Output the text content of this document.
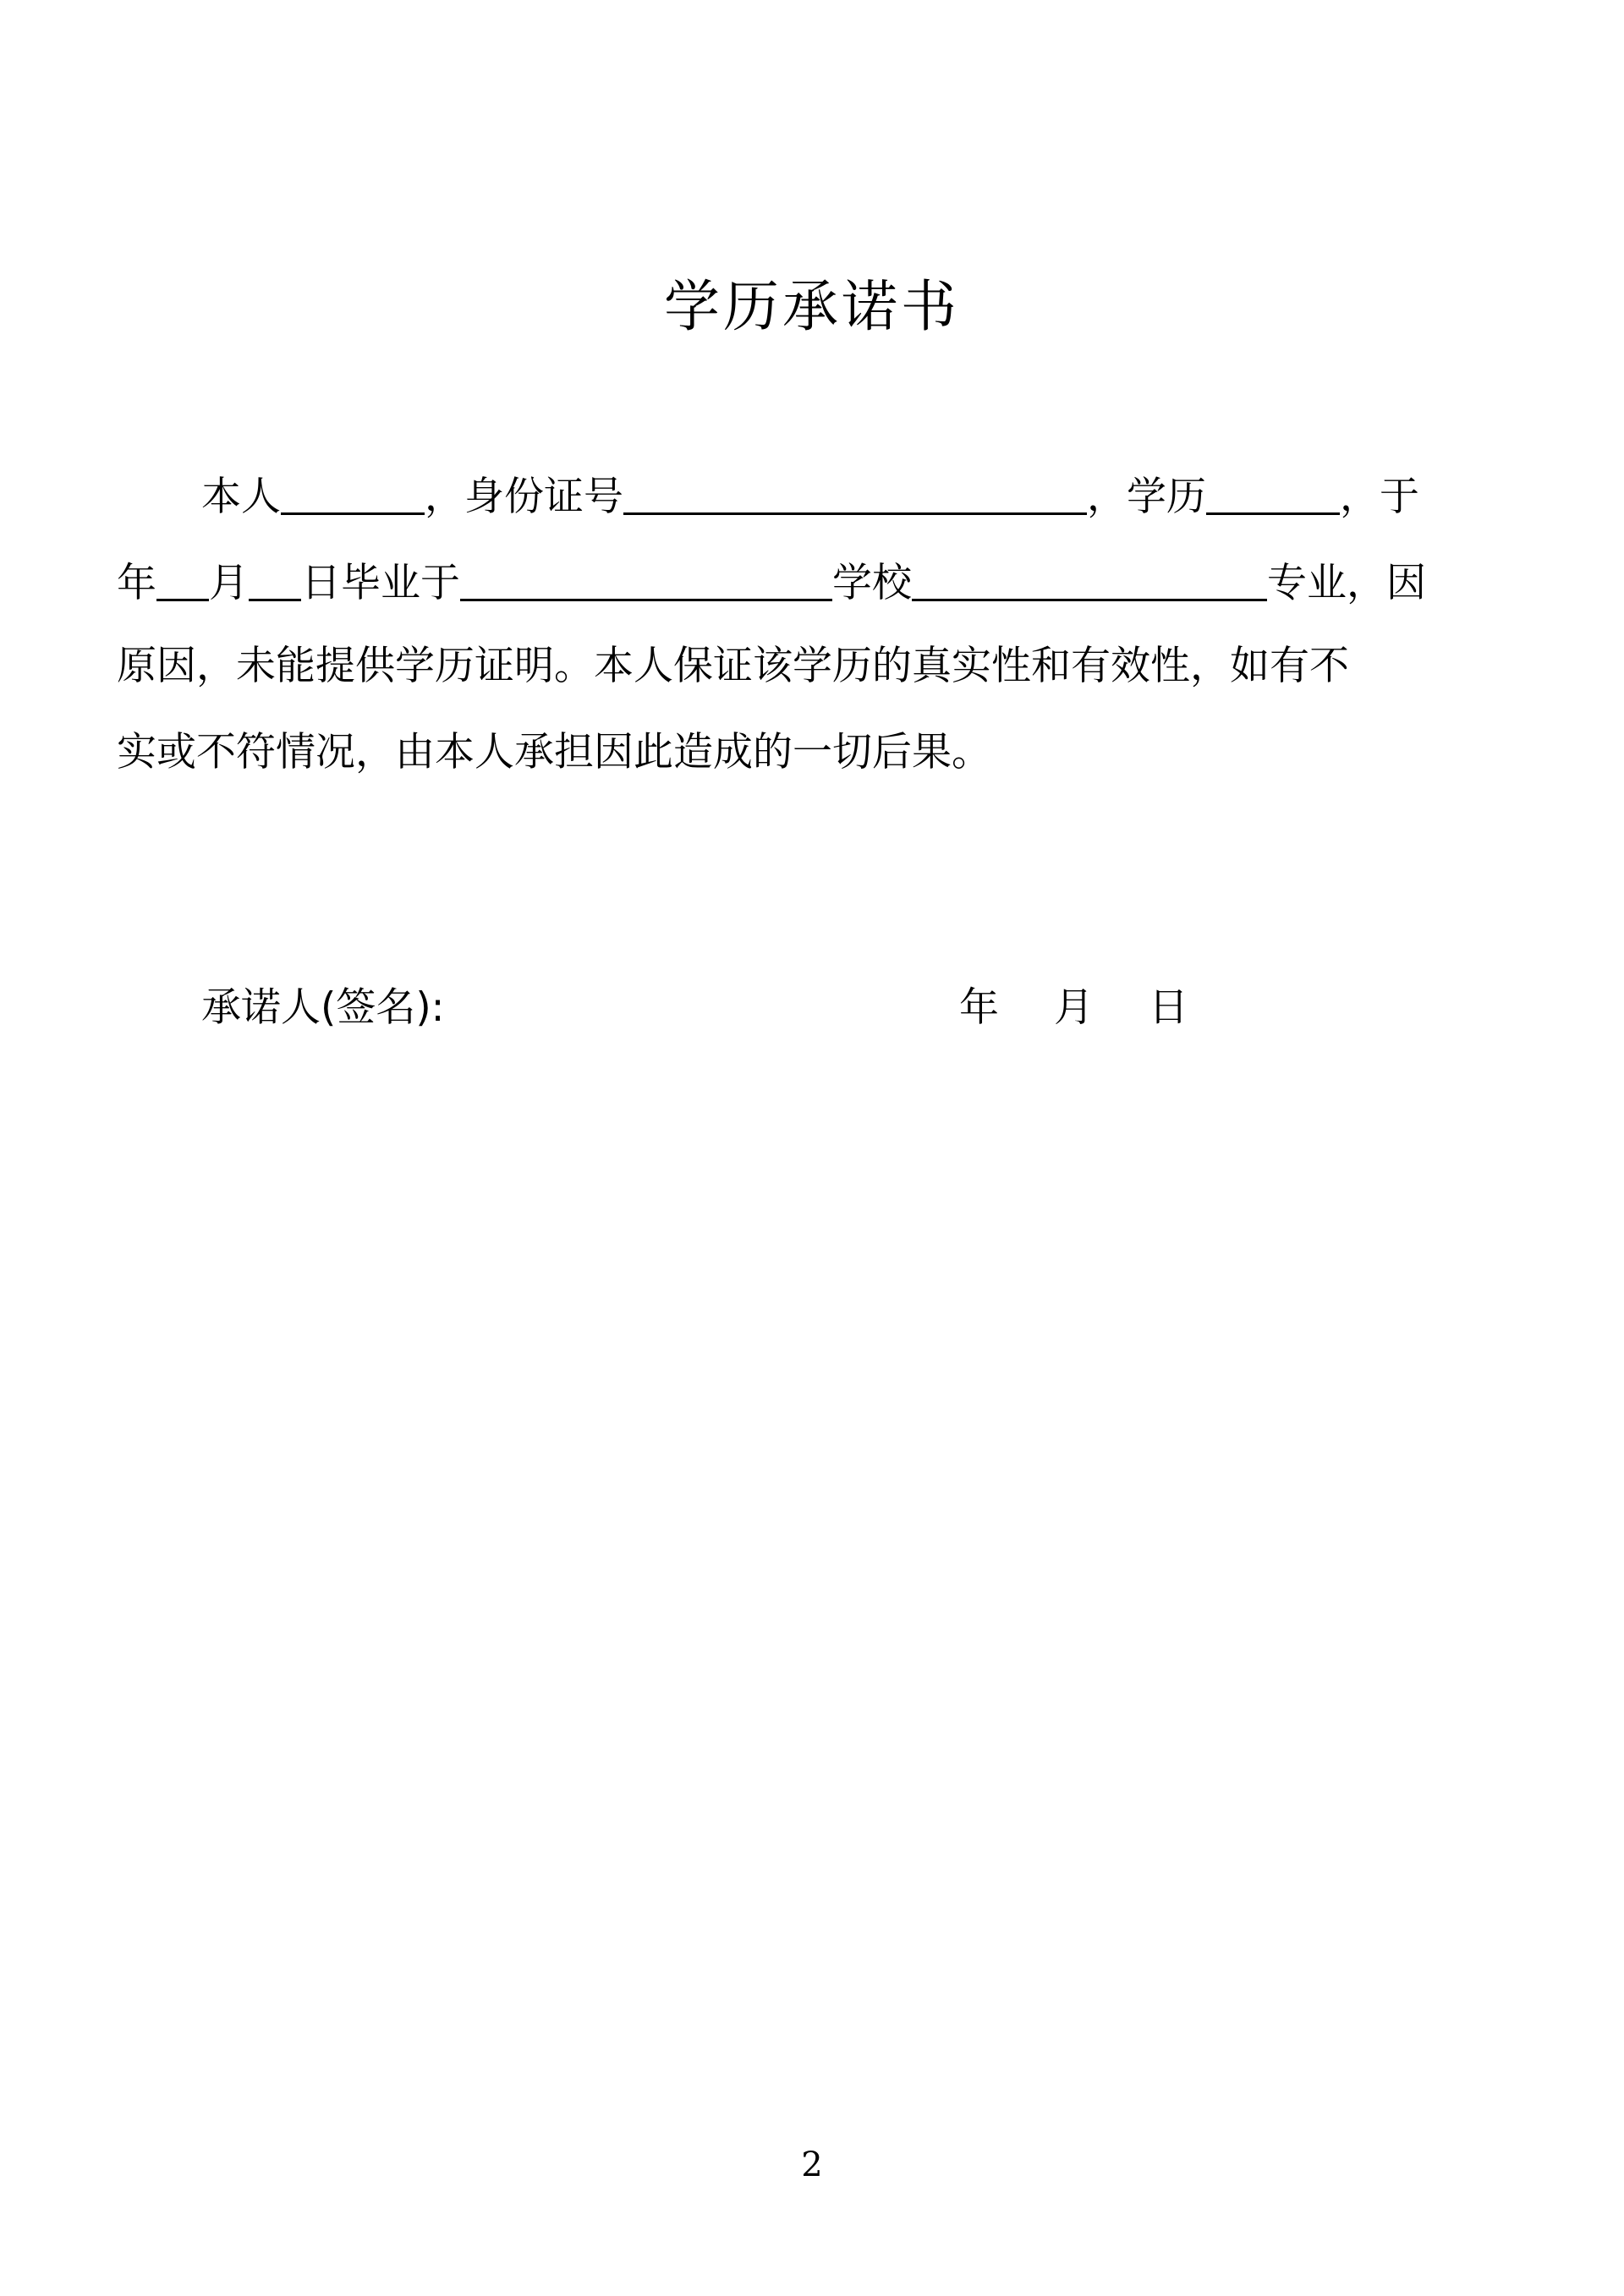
学历承诺书
本人	，身份证号	，学历	，于
年 月 日毕业于	学校	专业，因
原因，未能提供学历证明。本人保证该学历的真实性和有效性，如有不
实或不符情况，由本人承担因此造成的一切后果。
承诺人(签名):	年 月 日
2
